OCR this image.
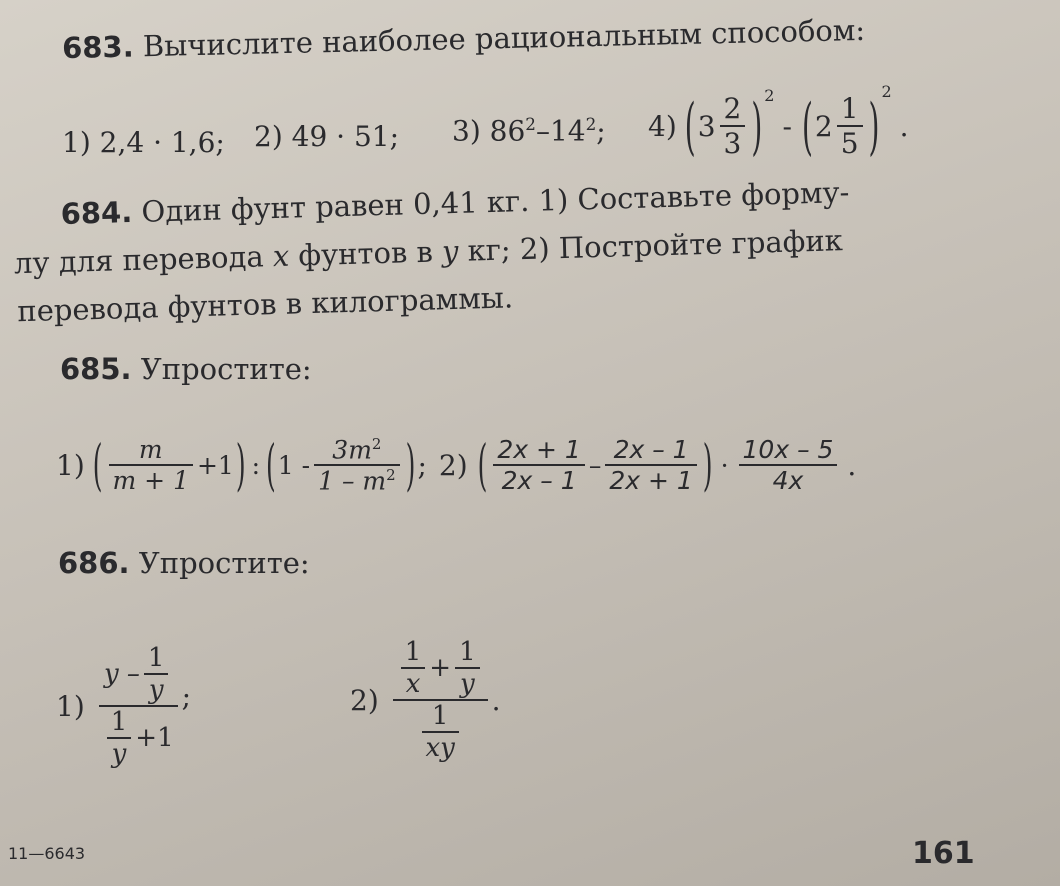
683. Вычислите наиболее рациональным способом:
1) 2,4 · 1,6; 2) 49 · 51; 3) $86^2-14^2$; 4) ( $3 \frac{2}{3}$ ) 2
- ( $2 \frac{1}{5}$ ) 2
.
684. Один фунт равен 0,41 кг. 1) Составьте форму-
лу для перевода x фунтов в y кг; 2) Постройте график
перевода фунтов в килограммы.
685. Упростите:
1) ( $\frac{m}{m + 1} +1$ ) : ( $1 - \frac{3m^2}{1 - m^2}$ ) ; 2) ( $\frac{2x + 1}{2x - 1} - \frac{2x - 1}{2x + 1}$ ) · $\frac{10x - 5}{4x}$ .
686. Упростите:
$1) \frac{y - \frac{1}{y}}{\frac{1}{y} +1}$ ;	$2) \frac{\frac{1}{x} + \frac{1}{y}}{\frac{1}{xy}}$ .
11—6643	161
